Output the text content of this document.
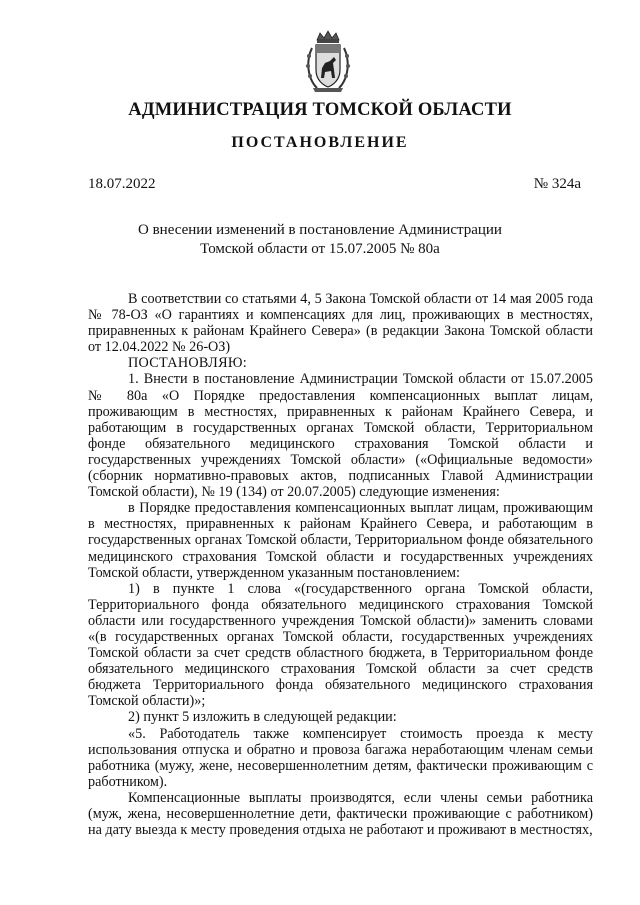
АДМИНИСТРАЦИЯ ТОМСКОЙ ОБЛАСТИ
ПОСТАНОВЛЕНИЕ
18.07.2022	№ 324а
О внесении изменений в постановление Администрации
Томской области от 15.07.2005 № 80а

В соответствии со статьями 4, 5 Закона Томской области от 14 мая 2005 года № 78-ОЗ «О гарантиях и компенсациях для лиц, проживающих в местностях, приравненных к районам Крайнего Севера» (в редакции Закона Томской области от 12.04.2022 № 26-ОЗ)

ПОСТАНОВЛЯЮ:

1. Внести в постановление Администрации Томской области от 15.07.2005 № 80а «О Порядке предоставления компенсационных выплат лицам, проживающим в местностях, приравненных к районам Крайнего Севера, и работающим в государственных органах Томской области, Территориальном фонде обязательного медицинского страхования Томской области и государственных учреждениях Томской области» («Официальные ведомости» (сборник нормативно-правовых актов, подписанных Главой Администрации Томской области), № 19 (134) от 20.07.2005) следующие изменения:

в Порядке предоставления компенсационных выплат лицам, проживающим в местностях, приравненных к районам Крайнего Севера, и работающим в государственных органах Томской области, Территориальном фонде обязательного медицинского страхования Томской области и государственных учреждениях Томской области, утвержденном указанным постановлением:

1) в пункте 1 слова «(государственного органа Томской области, Территориального фонда обязательного медицинского страхования Томской области или государственного учреждения Томской области)» заменить словами «(в государственных органах Томской области, государственных учреждениях Томской области за счет средств областного бюджета, в Территориальном фонде обязательного медицинского страхования Томской области за счет средств бюджета Территориального фонда обязательного медицинского страхования Томской области)»;

2) пункт 5 изложить в следующей редакции:

«5. Работодатель также компенсирует стоимость проезда к месту использования отпуска и обратно и провоза багажа неработающим членам семьи работника (мужу, жене, несовершеннолетним детям, фактически проживающим с работником).

Компенсационные выплаты производятся, если члены семьи работника (муж, жена, несовершеннолетние дети, фактически проживающие с работником) на дату выезда к месту проведения отдыха не работают и проживают в местностях,
